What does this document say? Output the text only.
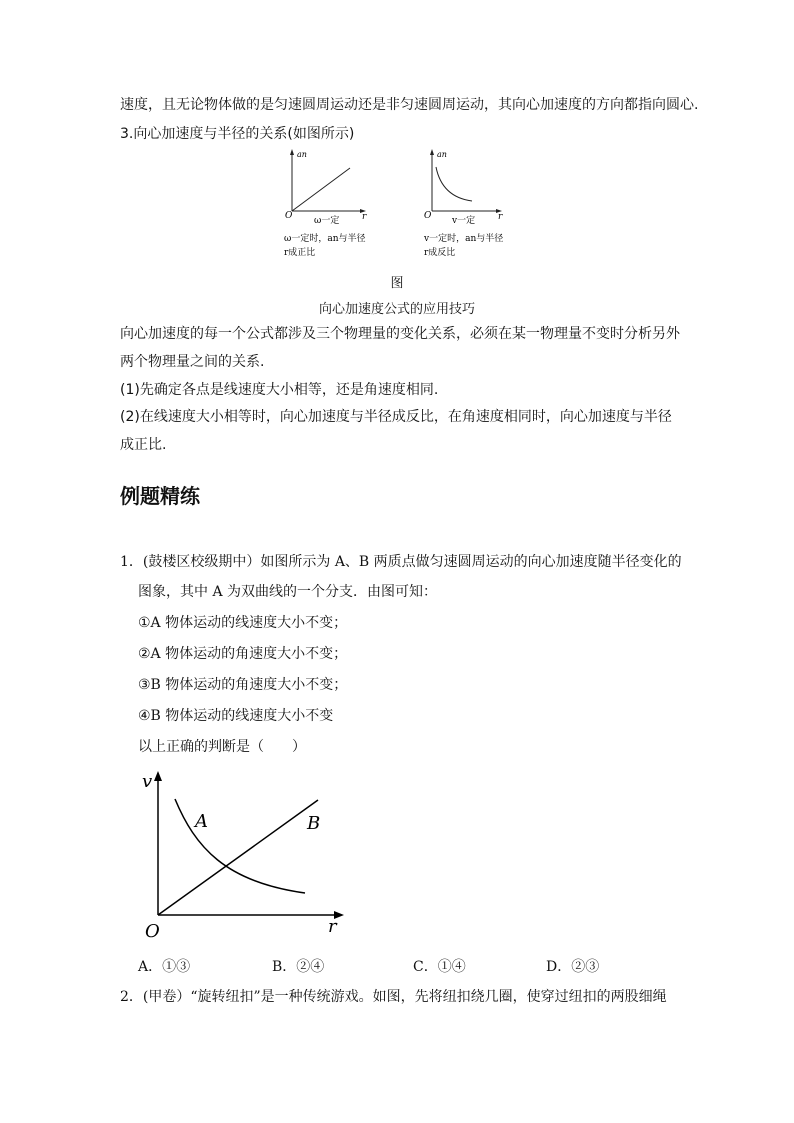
速度，且无论物体做的是匀速圆周运动还是非匀速圆周运动，其向心加速度的方向都指向圆心.
3.向心加速度与半径的关系(如图所示)
an
r
O ω一定
ω一定时，an与半径
r成正比
an
r
O v一定
v一定时，an与半径
r成反比
图
向心加速度公式的应用技巧
向心加速度的每一个公式都涉及三个物理量的变化关系，必须在某一物理量不变时分析另外
两个物理量之间的关系.
(1)先确定各点是线速度大小相等，还是角速度相同.
(2)在线速度大小相等时，向心加速度与半径成反比，在角速度相同时，向心加速度与半径
成正比.
例题精练
1．(鼓楼区校级期中）如图所示为 A、B 两质点做匀速圆周运动的向心加速度随半径变化的
图象，其中 A 为双曲线的一个分支．由图可知：
①A 物体运动的线速度大小不变；
②A 物体运动的角速度大小不变；
③B 物体运动的角速度大小不变；
④B 物体运动的线速度大小不变
以上正确的判断是（　　）
v
r
O
A	B
A．①③	B．②④	C．①④	D．②③
2．(甲卷）“旋转纽扣”是一种传统游戏。如图，先将纽扣绕几圈，使穿过纽扣的两股细绳
